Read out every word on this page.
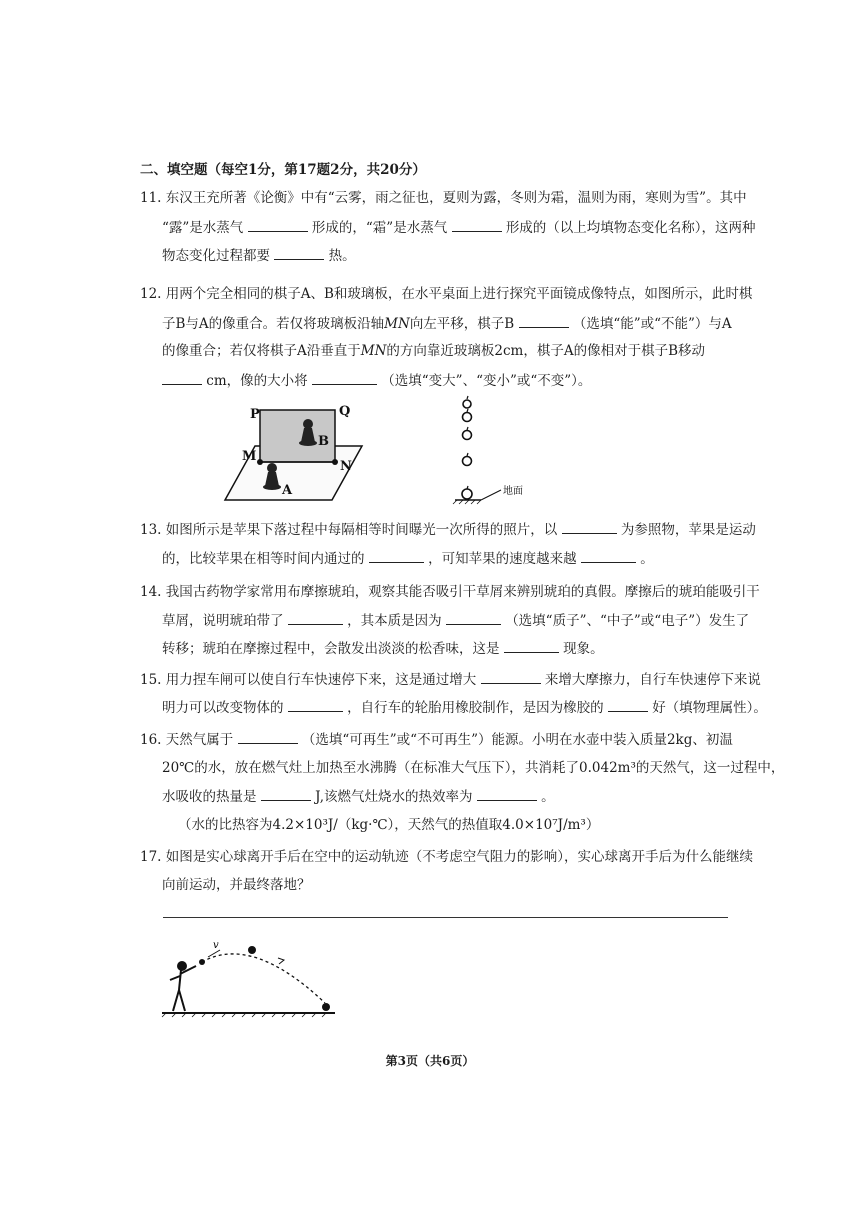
二、填空题（每空1分，第17题2分，共20分）
11. 东汉王充所著《论衡》中有“云雾，雨之征也，夏则为露，冬则为霜，温则为雨，寒则为雪”。其中
“露”是水蒸气	形成的，“霜”是水蒸气	形成的（以上均填物态变化名称），这两种
物态变化过程都要	热。
12. 用两个完全相同的棋子A、B和玻璃板，在水平桌面上进行探究平面镜成像特点，如图所示，此时棋
子B与A的像重合。若仅将玻璃板沿轴MN向左平移，棋子B	（选填“能”或“不能”）与A
的像重合；若仅将棋子A沿垂直于MN的方向靠近玻璃板2cm，棋子A的像相对于棋子B移动
cm，像的大小将	（选填“变大”、“变小”或“不变”）。
P	Q
M
N
B
A	地面
13. 如图所示是苹果下落过程中每隔相等时间曝光一次所得的照片，以	为参照物，苹果是运动
的，比较苹果在相等时间内通过的	，可知苹果的速度越来越	。
14. 我国古药物学家常用布摩擦琥珀，观察其能否吸引干草屑来辨别琥珀的真假。摩擦后的琥珀能吸引干
草屑，说明琥珀带了	，其本质是因为	（选填“质子”、“中子”或“电子”）发生了
转移；琥珀在摩擦过程中，会散发出淡淡的松香味，这是	现象。
15. 用力捏车闸可以使自行车快速停下来，这是通过增大	来增大摩擦力，自行车快速停下来说
明力可以改变物体的	，自行车的轮胎用橡胶制作，是因为橡胶的	好（填物理属性）。
16. 天然气属于	（选填“可再生”或“不可再生”）能源。小明在水壶中装入质量2kg、初温
20℃的水，放在燃气灶上加热至水沸腾（在标准大气压下），共消耗了0.042m³的天然气，这一过程中，
水吸收的热量是	J,该燃气灶烧水的热效率为	。
（水的比热容为4.2×10³J/（kg·℃），天然气的热值取4.0×10⁷J/m³）
17. 如图是实心球离开手后在空中的运动轨迹（不考虑空气阻力的影响），实心球离开手后为什么能继续
向前运动，并最终落地？
v
第3页（共6页）
